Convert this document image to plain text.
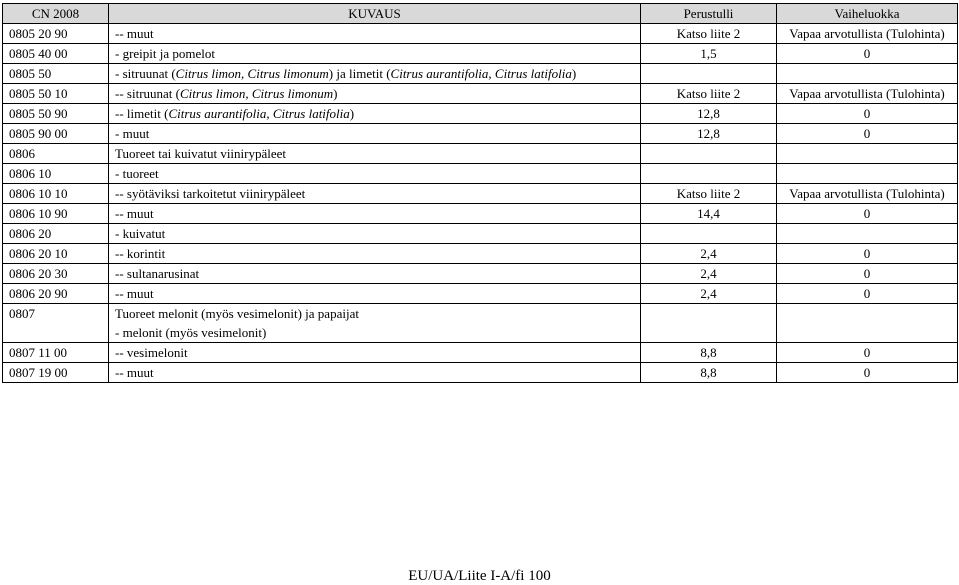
CN 2008	KUVAUS	Perustulli	Vaiheluokka
0805 20 90	-- muut	Katso liite 2	Vapaa arvotullista (Tulohinta)
0805 40 00	- greipit ja pomelot	1,5	0
0805 50	- sitruunat (Citrus limon, Citrus limonum) ja limetit (Citrus aurantifolia, Citrus latifolia)		
0805 50 10	-- sitruunat (Citrus limon, Citrus limonum)	Katso liite 2	Vapaa arvotullista (Tulohinta)
0805 50 90	-- limetit (Citrus aurantifolia, Citrus latifolia)	12,8	0
0805 90 00	- muut	12,8	0
0806	Tuoreet tai kuivatut viinirypäleet		
0806 10	- tuoreet		
0806 10 10	-- syötäviksi tarkoitetut viinirypäleet	Katso liite 2	Vapaa arvotullista (Tulohinta)
0806 10 90	-- muut	14,4	0
0806 20	- kuivatut		
0806 20 10	-- korintit	2,4	0
0806 20 30	-- sultanarusinat	2,4	0
0806 20 90	-- muut	2,4	0
0807	Tuoreet melonit (myös vesimelonit) ja papaijat		
	- melonit (myös vesimelonit)		
0807 11 00	-- vesimelonit	8,8	0
0807 19 00	-- muut	8,8	0
EU/UA/Liite I-A/fi 100
